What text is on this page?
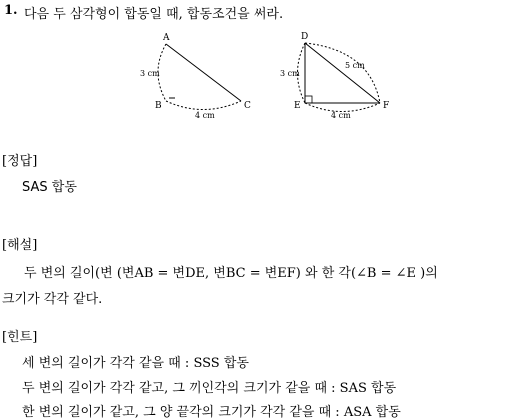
1. 다음 두 삼각형이 합동일 때, 합동조건을 써라.
A
B	C
3 cm
4 cm
D
E	F
3 cm
5 cm
4 cm
[정답]
SAS 합동
[해설]
두 변의 길이(변 (변AB = 변DE, 변BC = 변EF) 와 한 각(∠B = ∠E )의
크기가 각각 같다.
[힌트]
세 변의 길이가 각각 같을 때 : SSS 합동
두 변의 길이가 각각 같고, 그 끼인각의 크기가 같을 때 : SAS 합동
한 변의 길이가 같고, 그 양 끝각의 크기가 각각 같을 때 : ASA 합동
